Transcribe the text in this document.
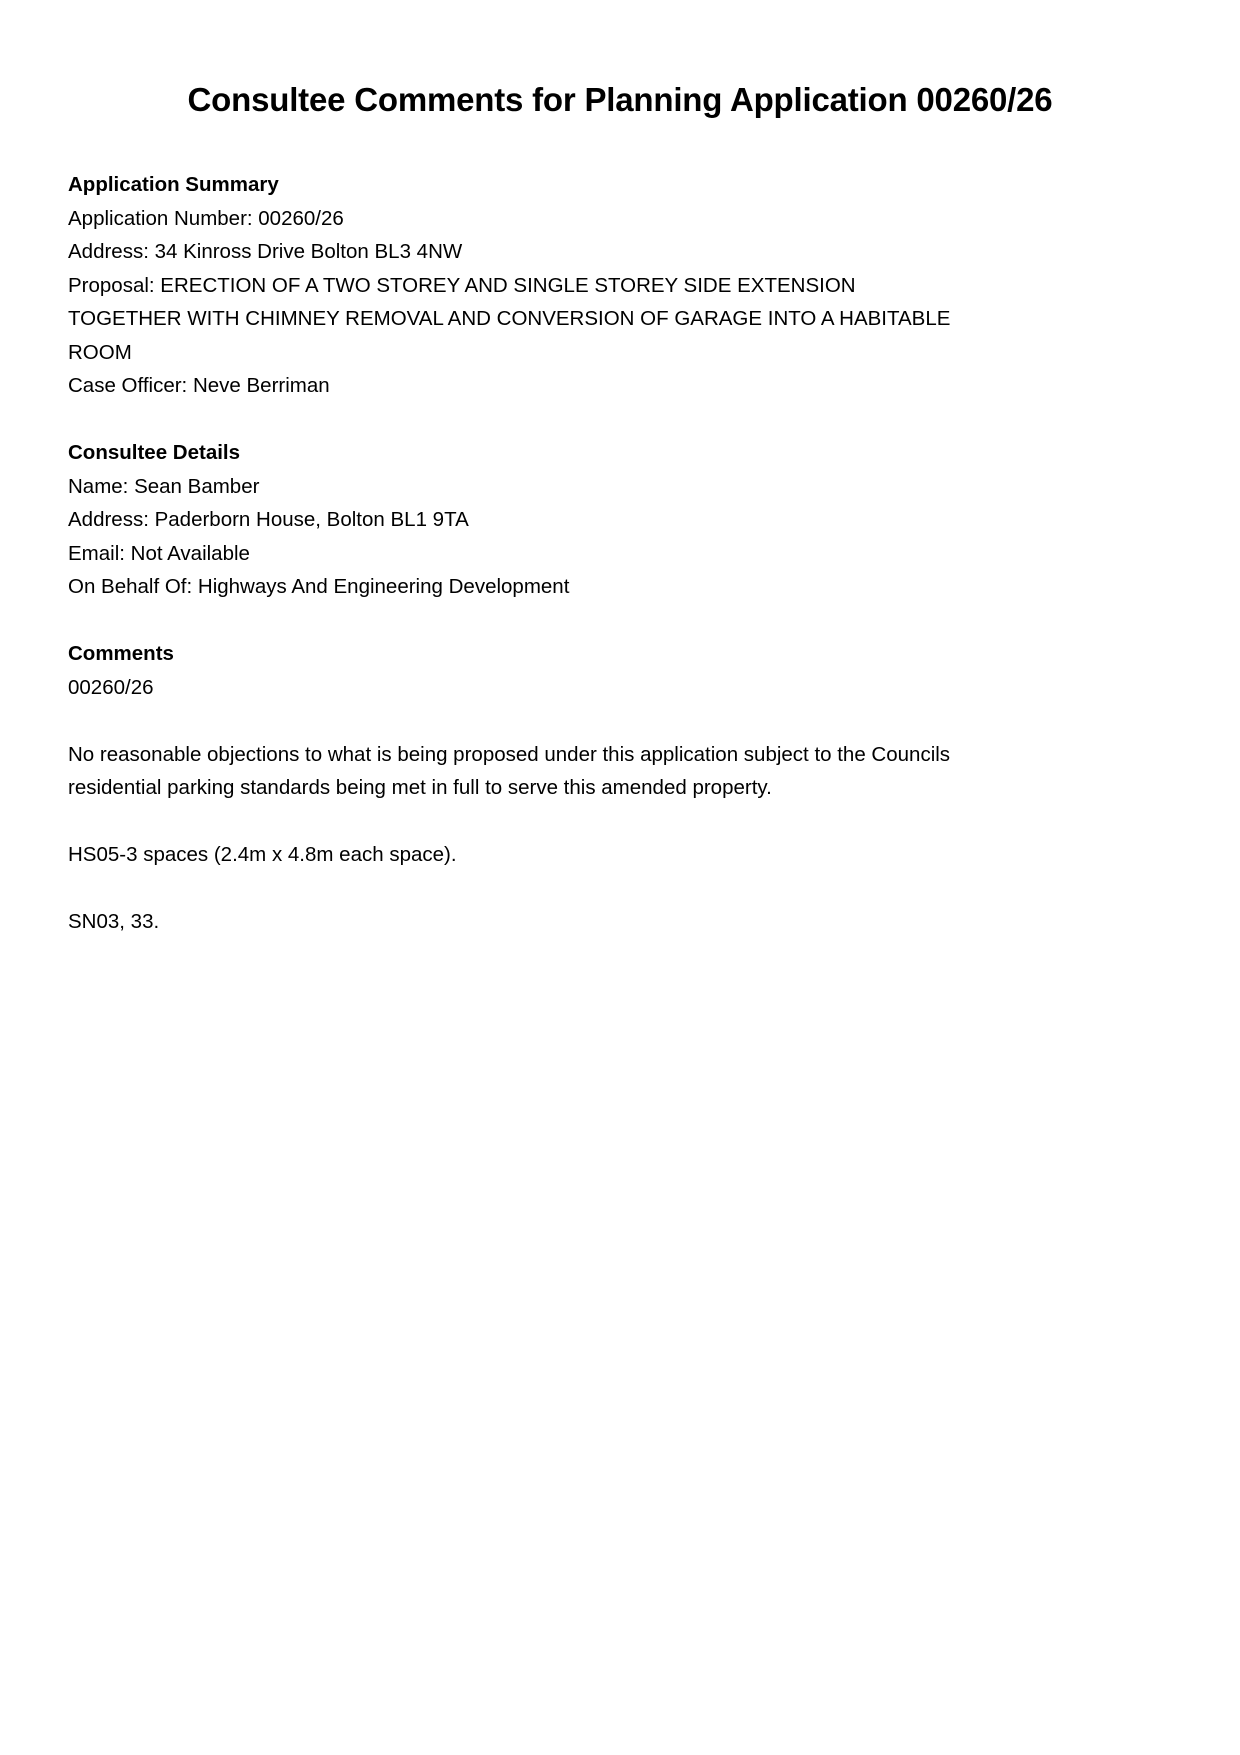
Consultee Comments for Planning Application 00260/26
Application Summary
Application Number: 00260/26
Address: 34 Kinross Drive Bolton BL3 4NW
Proposal: ERECTION OF A TWO STOREY AND SINGLE STOREY SIDE EXTENSION
TOGETHER WITH CHIMNEY REMOVAL AND CONVERSION OF GARAGE INTO A HABITABLE
ROOM
Case Officer: Neve Berriman
Consultee Details
Name: Sean Bamber
Address: Paderborn House, Bolton BL1 9TA
Email: Not Available
On Behalf Of: Highways And Engineering Development
Comments
00260/26
No reasonable objections to what is being proposed under this application subject to the Councils
residential parking standards being met in full to serve this amended property.
HS05-3 spaces (2.4m x 4.8m each space).
SN03, 33.
